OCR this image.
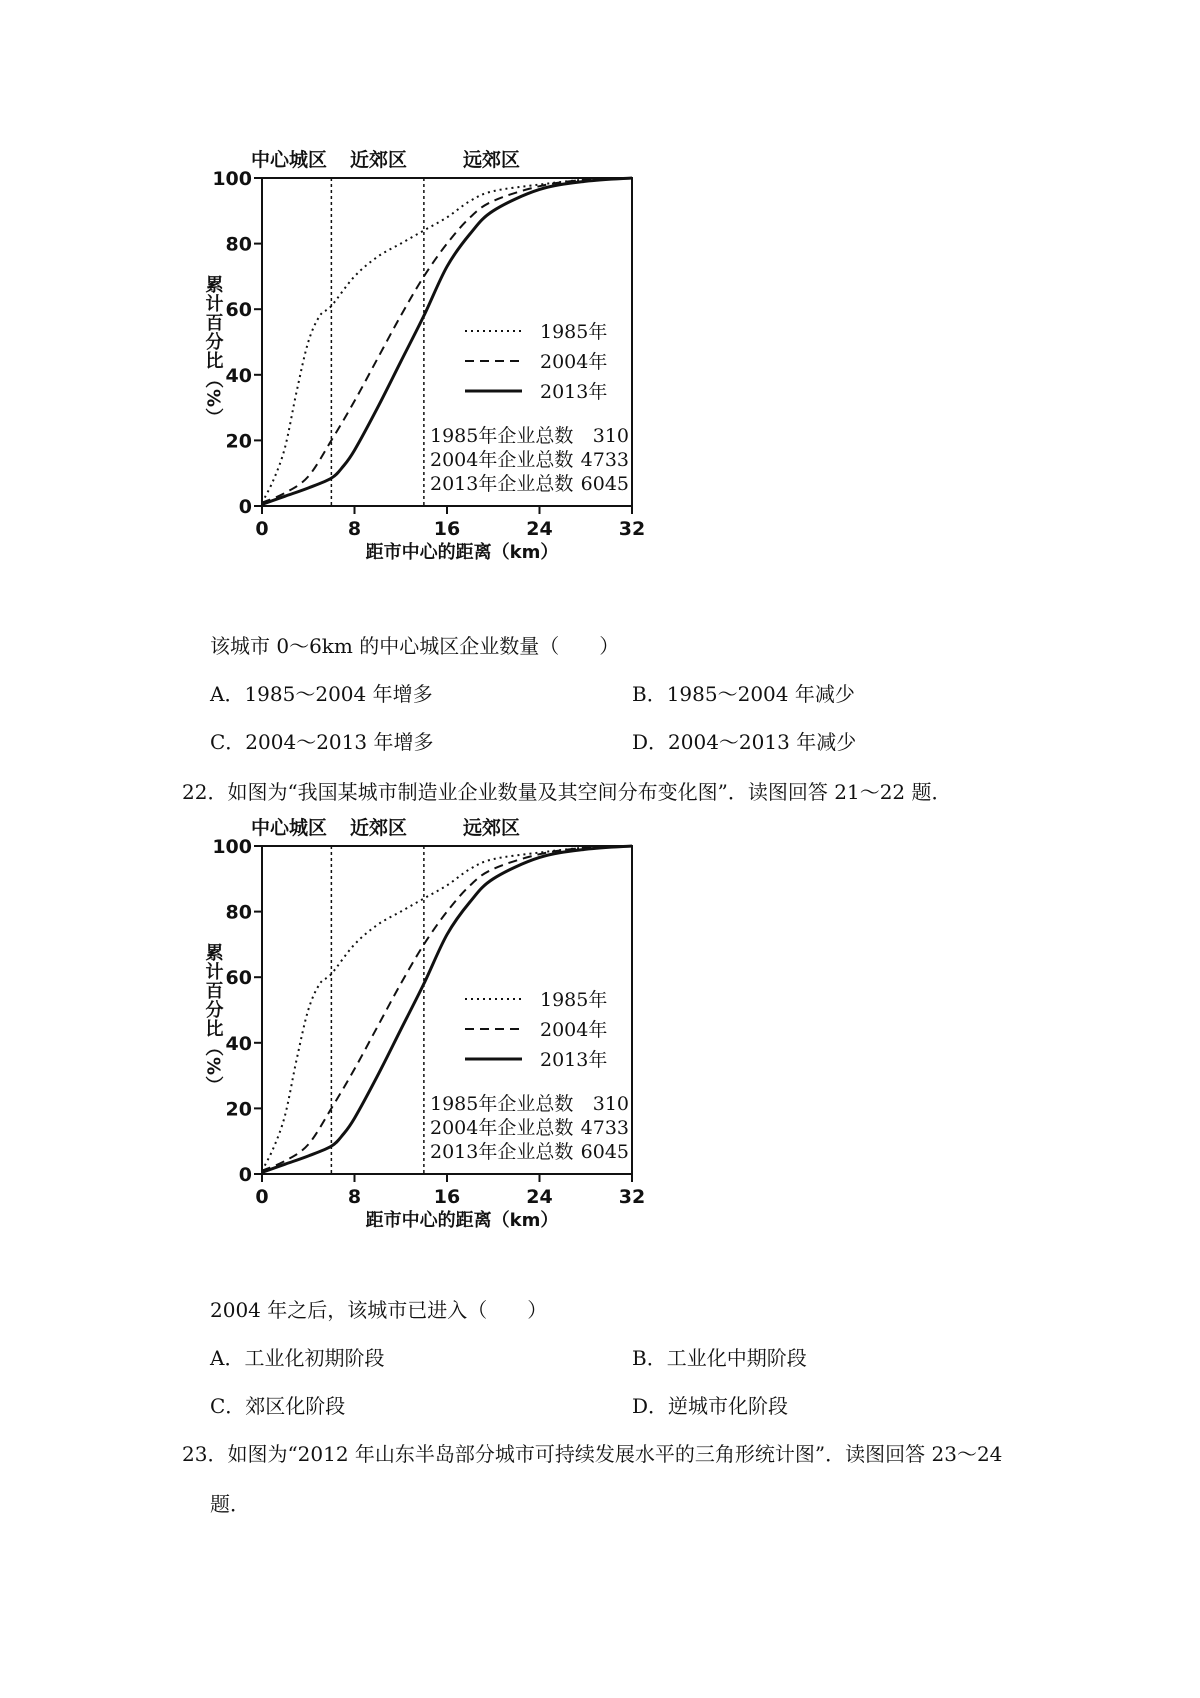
中心城区 近郊区	远郊区
0
20
40
60
80
100
0	8	16	24	32
距市中心的距离（km）
累计百分比（%）	1985年
2004年
2013年
1985年企业总数 310
2004年企业总数 4733
2013年企业总数 6045
该城市 0～6km 的中心城区企业数量（　　）
A．1985～2004 年增多	B．1985～2004 年减少
C．2004～2013 年增多	D．2004～2013 年减少
22．如图为“我国某城市制造业企业数量及其空间分布变化图”．读图回答 21～22 题．
中心城区 近郊区	远郊区
0
20
40
60
80
100
0	8	16	24	32
距市中心的距离（km）
累计百分比（%）	1985年
2004年
2013年
1985年企业总数 310
2004年企业总数 4733
2013年企业总数 6045
2004 年之后，该城市已进入（　　）
A．工业化初期阶段	B．工业化中期阶段
C．郊区化阶段	D．逆城市化阶段
23．如图为“2012 年山东半岛部分城市可持续发展水平的三角形统计图”．读图回答 23～24
题．
